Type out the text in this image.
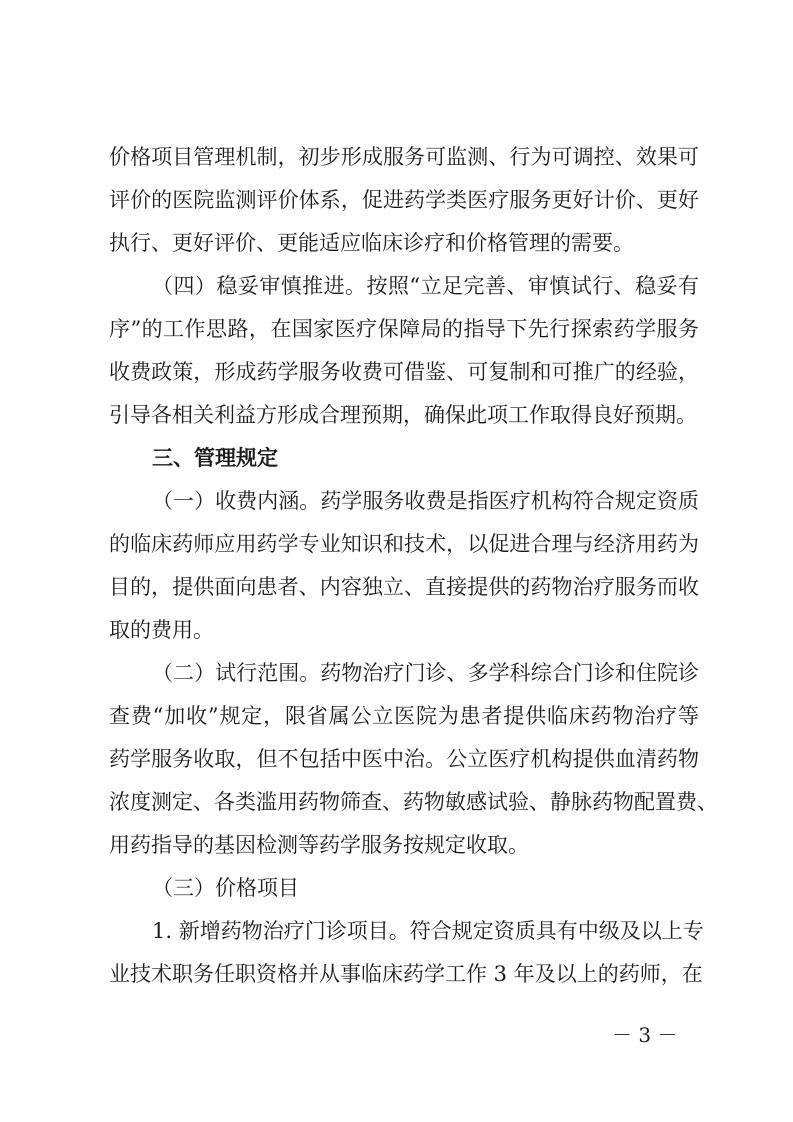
价格项目管理机制，初步形成服务可监测、行为可调控、效果可
评价的医院监测评价体系，促进药学类医疗服务更好计价、更好
执行、更好评价、更能适应临床诊疗和价格管理的需要。
（四）稳妥审慎推进。按照“立足完善、审慎试行、稳妥有
序”的工作思路，在国家医疗保障局的指导下先行探索药学服务
收费政策，形成药学服务收费可借鉴、可复制和可推广的经验，
引导各相关利益方形成合理预期，确保此项工作取得良好预期。
三、管理规定
（一）收费内涵。药学服务收费是指医疗机构符合规定资质
的临床药师应用药学专业知识和技术，以促进合理与经济用药为
目的，提供面向患者、内容独立、直接提供的药物治疗服务而收
取的费用。
（二）试行范围。药物治疗门诊、多学科综合门诊和住院诊
查费“加收”规定，限省属公立医院为患者提供临床药物治疗等
药学服务收取，但不包括中医中治。公立医疗机构提供血清药物
浓度测定、各类滥用药物筛查、药物敏感试验、静脉药物配置费、
用药指导的基因检测等药学服务按规定收取。
（三）价格项目
1. 新增药物治疗门诊项目。符合规定资质具有中级及以上专
业技术职务任职资格并从事临床药学工作 3 年及以上的药师，在
－ 3 －
